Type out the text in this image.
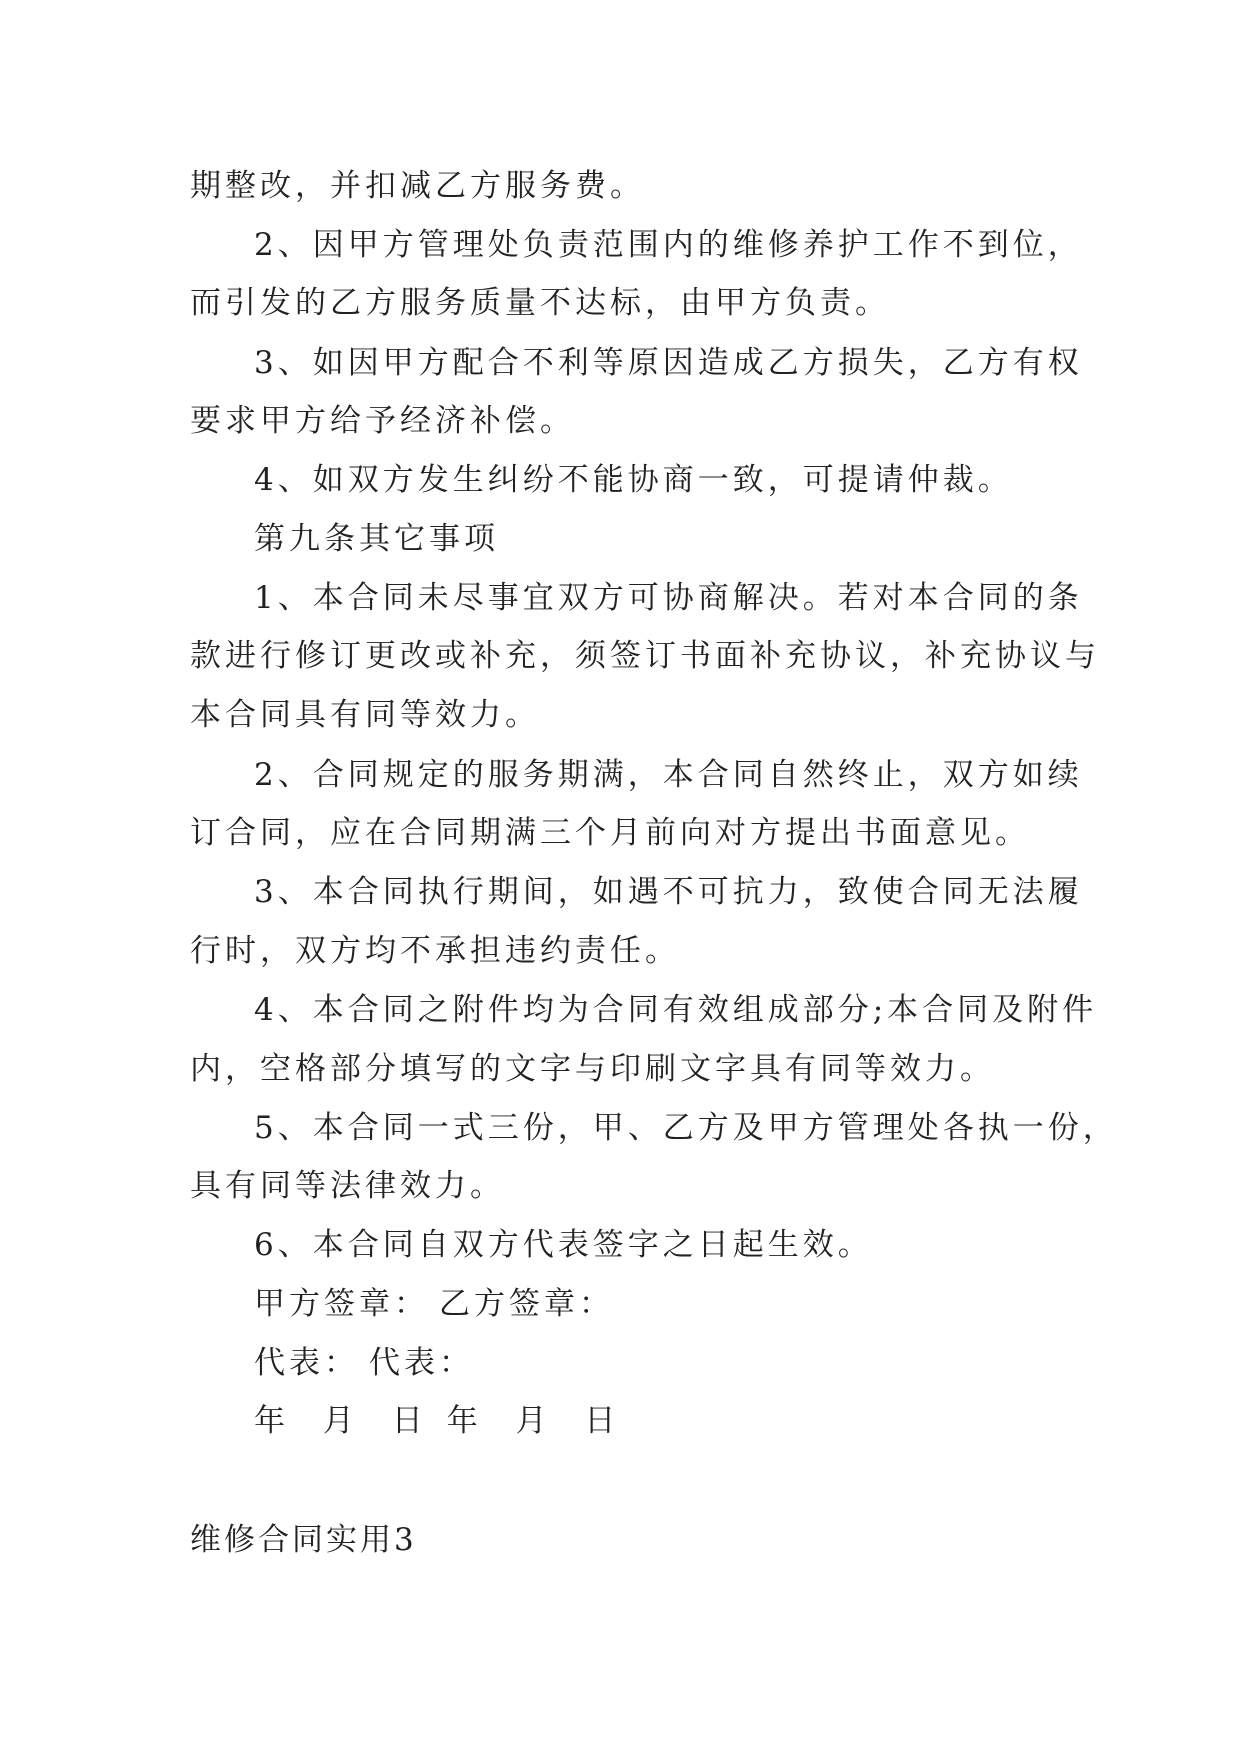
期整改，并扣减乙方服务费。
2、因甲方管理处负责范围内的维修养护工作不到位，
而引发的乙方服务质量不达标，由甲方负责。
3、如因甲方配合不利等原因造成乙方损失，乙方有权
要求甲方给予经济补偿。
4、如双方发生纠纷不能协商一致，可提请仲裁。
第九条其它事项
1、本合同未尽事宜双方可协商解决。若对本合同的条
款进行修订更改或补充，须签订书面补充协议，补充协议与
本合同具有同等效力。
2、合同规定的服务期满，本合同自然终止，双方如续
订合同，应在合同期满三个月前向对方提出书面意见。
3、本合同执行期间，如遇不可抗力，致使合同无法履
行时，双方均不承担违约责任。
4、本合同之附件均为合同有效组成部分;本合同及附件
内，空格部分填写的文字与印刷文字具有同等效力。
5、本合同一式三份，甲、乙方及甲方管理处各执一份，
具有同等法律效力。
6、本合同自双方代表签字之日起生效。
甲方签章： 乙方签章：
代表： 代表：
年 月 日 年 月 日
维修合同实用3
